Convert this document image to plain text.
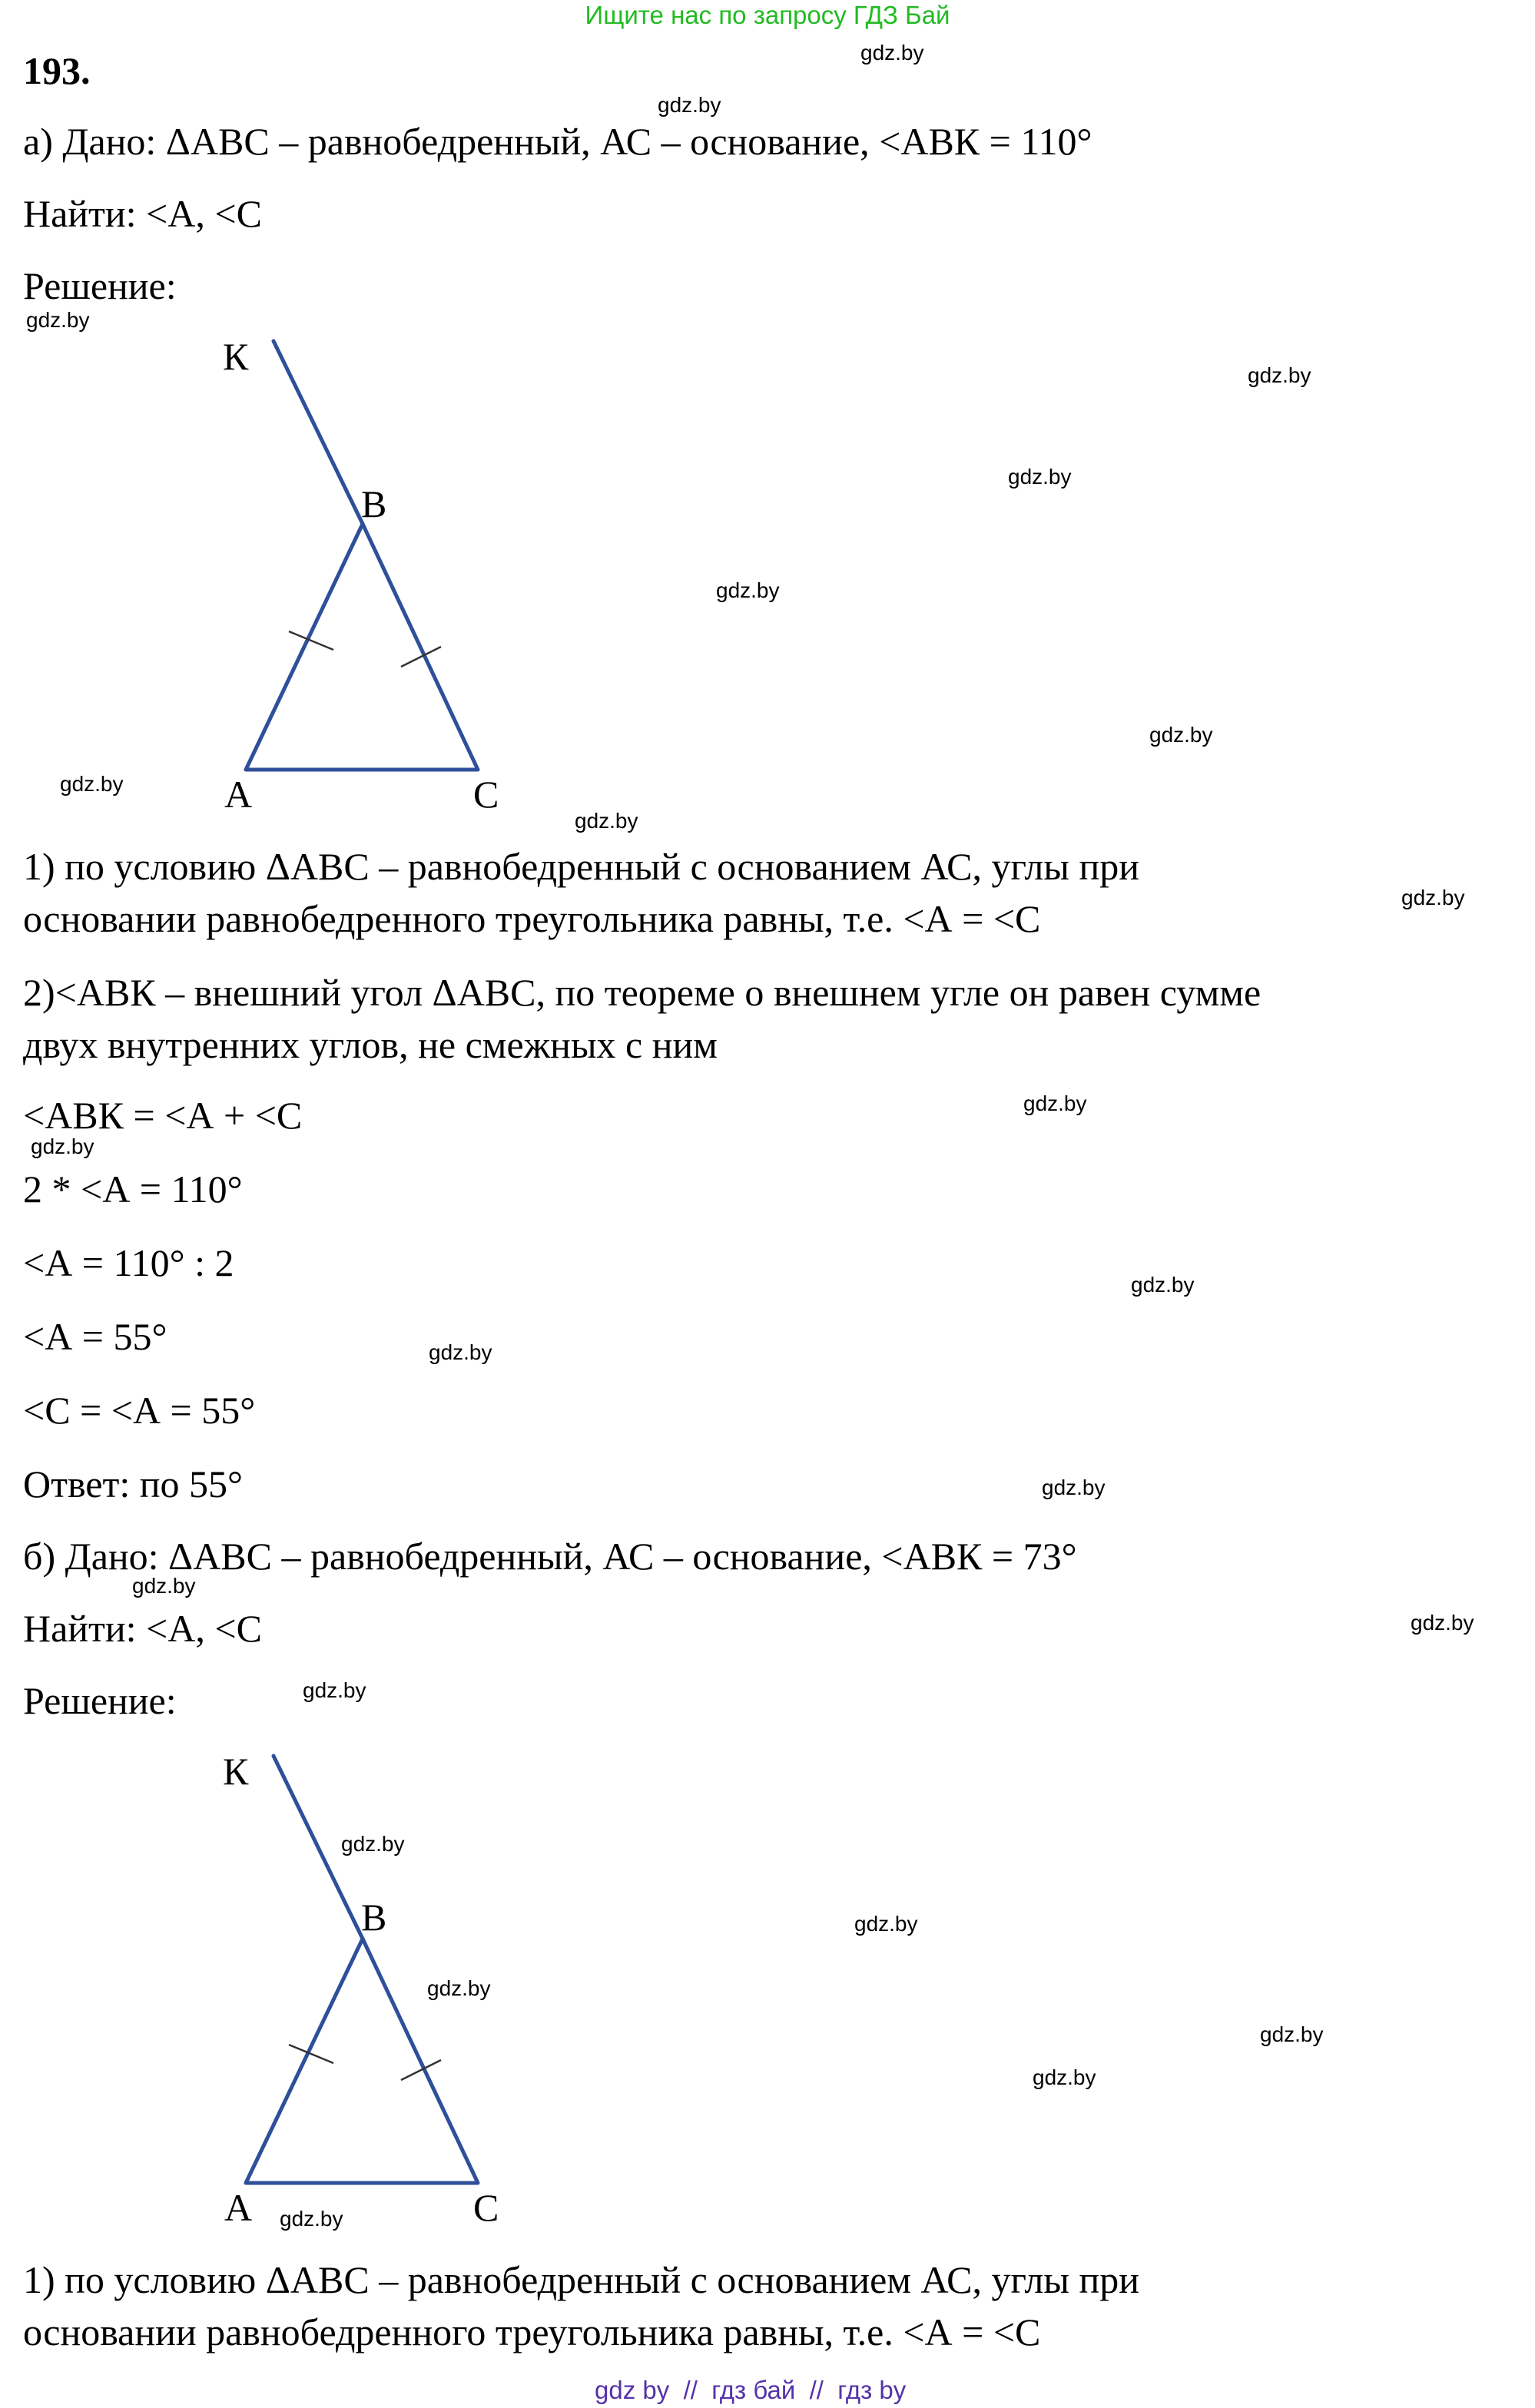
Ищите нас по запросу ГДЗ Бай
193.
а) Дано: ΔАВС – равнобедренный, АС – основание, <АВК = 110°
Найти: <А, <С
Решение:
К
В
А	С
1) по условию ΔАВС – равнобедренный с основанием АС, углы при
основании равнобедренного треугольника равны, т.е. <А = <С
2)<АВК – внешний угол ΔАВС, по теореме о внешнем угле он равен сумме
двух внутренних углов, не смежных с ним
<АВК = <А + <С
2 * <А = 110°
<А = 110° : 2
<А = 55°
<С = <А = 55°
Ответ: по 55°
б) Дано: ΔАВС – равнобедренный, АС – основание, <АВК = 73°
Найти: <А, <С
Решение:
К
В
А	С
1) по условию ΔАВС – равнобедренный с основанием АС, углы при
основании равнобедренного треугольника равны, т.е. <А = <С
gdz.by
gdz.by
gdz.by
gdz.by
gdz.by
gdz.by
gdz.by
gdz.by
gdz.by
gdz.by
gdz.by
gdz.by
gdz.by
gdz.by
gdz.by
gdz.by
gdz.by
gdz.by
gdz.by
gdz.by
gdz.by
gdz.by
gdz.by
gdz.by
gdz by  //  гдз бай  //  гдз by
